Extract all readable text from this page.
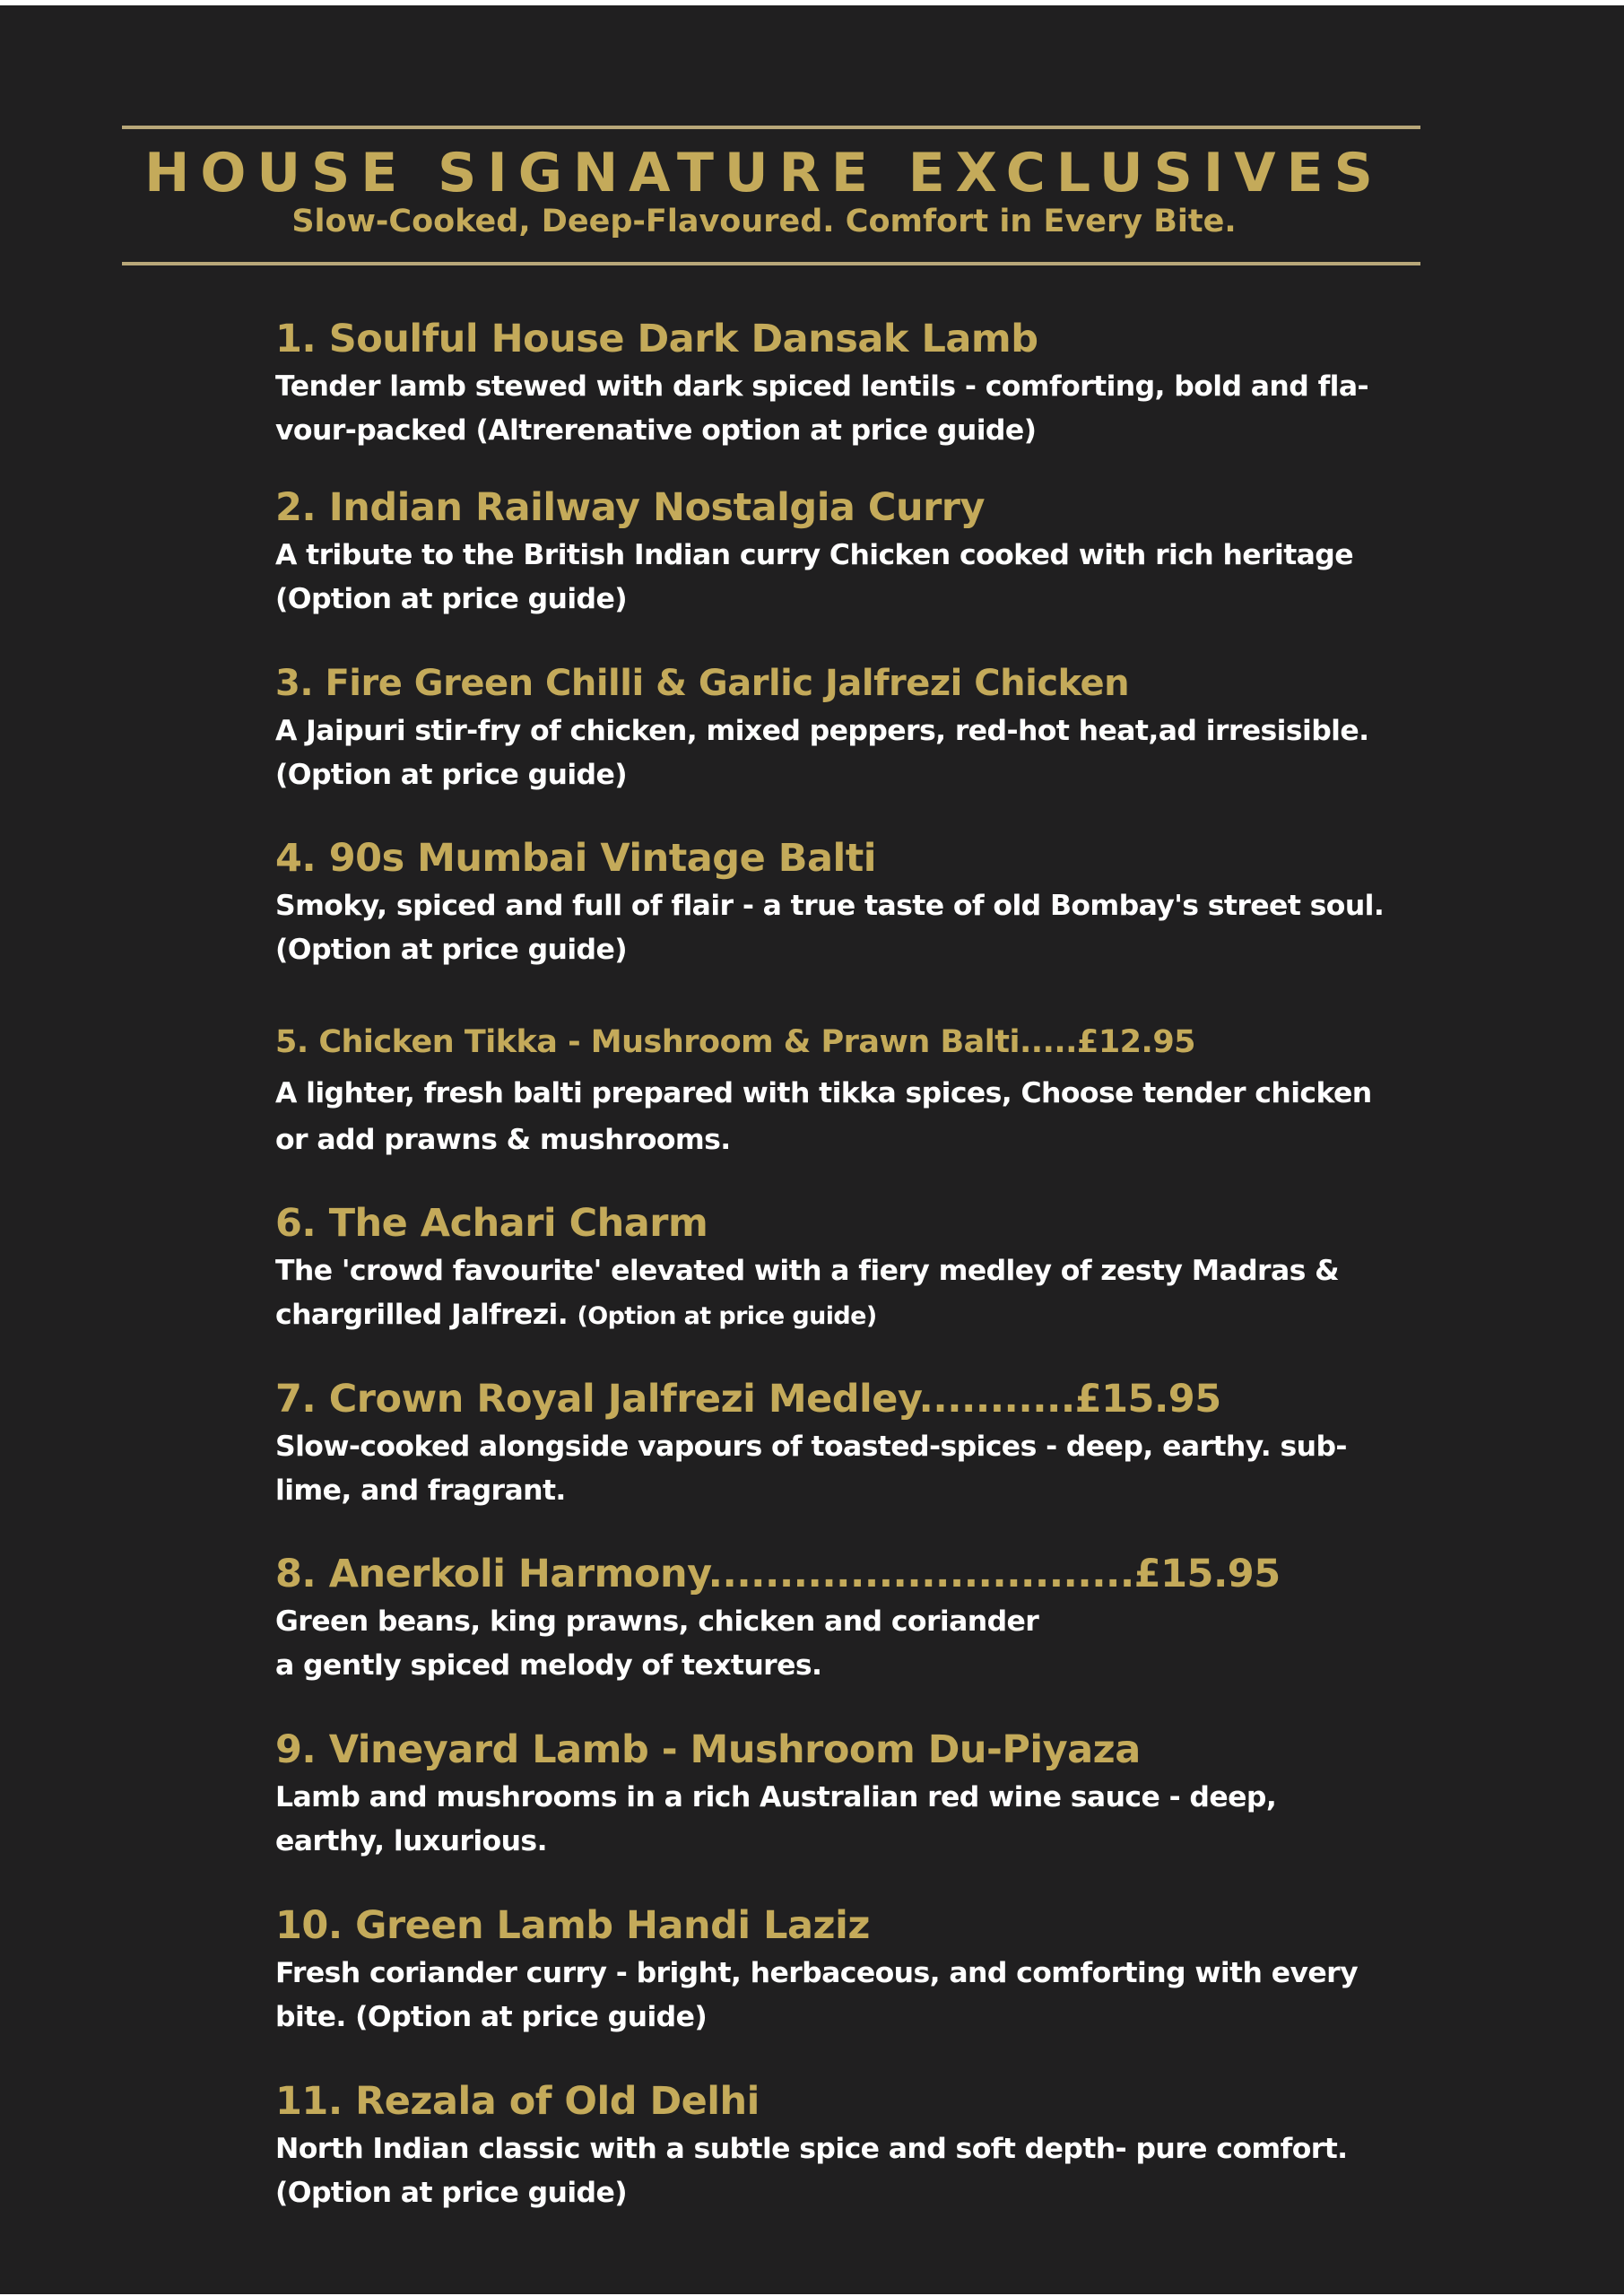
HOUSE SIGNATURE EXCLUSIVES
Slow-Cooked, Deep-Flavoured. Comfort in Every Bite.
1. Soulful House Dark Dansak Lamb
Tender lamb stewed with dark spiced lentils - comforting, bold and fla-
vour-packed (Altrerenative option at price guide)
2. Indian Railway Nostalgia Curry
A tribute to the British Indian curry Chicken cooked with rich heritage
(Option at price guide)
3. Fire Green Chilli & Garlic Jalfrezi Chicken
A Jaipuri stir-fry of chicken, mixed peppers, red-hot heat,ad irresisible.
(Option at price guide)
4. 90s Mumbai Vintage Balti
Smoky, spiced and full of flair - a true taste of old Bombay's street soul.
(Option at price guide)
5. Chicken Tikka - Mushroom & Prawn Balti.....£12.95
A lighter, fresh balti prepared with tikka spices, Choose tender chicken
or add prawns & mushrooms.
6. The Achari Charm
The 'crowd favourite' elevated with a fiery medley of zesty Madras &
chargrilled Jalfrezi. (Option at price guide)
7. Crown Royal Jalfrezi Medley...........£15.95
Slow-cooked alongside vapours of toasted-spices - deep, earthy. sub-
lime, and fragrant.
8. Anerkoli Harmony..............................£15.95
Green beans, king prawns, chicken and coriander
a gently spiced melody of textures.
9. Vineyard Lamb - Mushroom Du-Piyaza
Lamb and mushrooms in a rich Australian red wine sauce - deep,
earthy, luxurious.
10. Green Lamb Handi Laziz
Fresh coriander curry - bright, herbaceous, and comforting with every
bite. (Option at price guide)
11. Rezala of Old Delhi
North Indian classic with a subtle spice and soft depth- pure comfort.
(Option at price guide)
